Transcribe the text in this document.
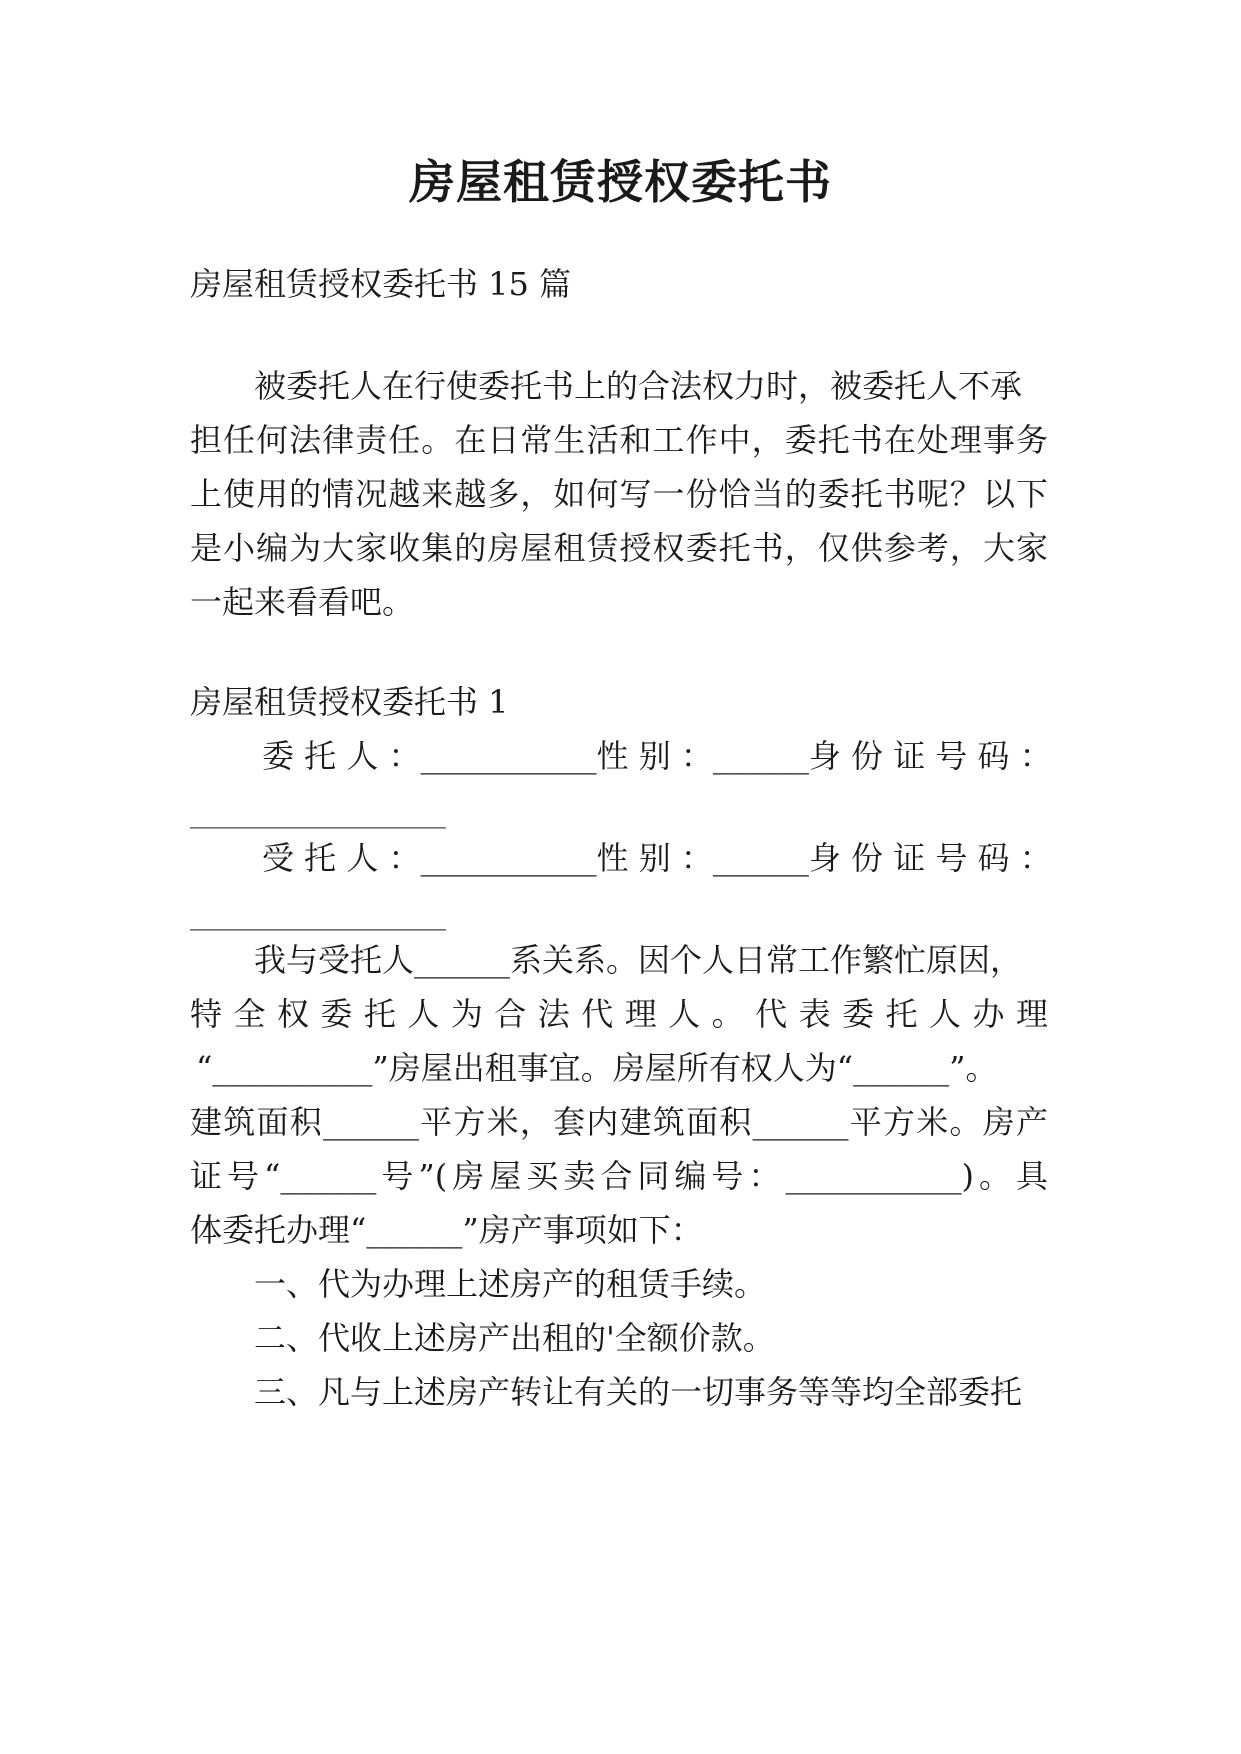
房屋租赁授权委托书
房屋租赁授权委托书 15 篇
被委托人在行使委托书上的合法权力时，被委托人不承
担任何法律责任。在日常生活和工作中，委托书在处理事务
上使用的情况越来越多，如何写一份恰当的委托书呢？以下
是小编为大家收集的房屋租赁授权委托书，仅供参考，大家
一起来看看吧。
房屋租赁授权委托书 1
委 托 人 ：___________性 别 ：______身 份 证 号 码 ：
________________
受 托 人 ：___________性 别 ：______身 份 证 号 码 ：
________________
我与受托人______系关系。因个人日常工作繁忙原因，
特 全 权 委 托 人 为 合 法 代 理 人 。 代 表 委 托 人 办 理
“__________”房屋出租事宜。房屋所有权人为“______”。
建筑面积______平方米，套内建筑面积______平方米。房产
证号“______号”(房屋买卖合同编号：___________)。具
体委托办理“______”房产事项如下：
一、代为办理上述房产的租赁手续。
二、代收上述房产出租的'全额价款。
三、凡与上述房产转让有关的一切事务等等均全部委托
